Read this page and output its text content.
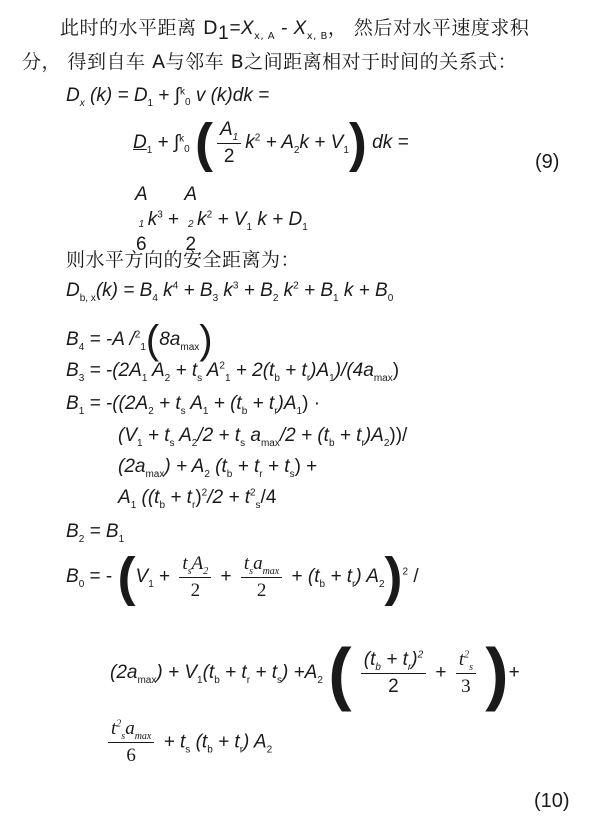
此时的水平距离 $D_1=X_{x, A} - X_{x, B}$， 然后对水平速度求积
分， 得到自车 A与邻车 B之间距离相对于时间的关系式：
$D_x$ $(k) = D_1 + \int^k_0$ v (k)dk =
$D_1 + \int^k_0$ ( $\frac{A_1}{2} k^2 + A_2k + V_1$) dk =
(9)
A
$_1$
6
$k^3$ +
A
$_2$
2
$k^2 + V_1$ $k + D_1$
则水平方向的安全距离为：
$D_{b, x}(k) = B_4$ $k^4 + B_3$ $k^3 + B_2$ $k^2 + B_1$ $k + B_0$
$B_4 = -A$ $/^2_1(8a_{max})$
$B_3 = -(2A_1$ $A_2 + t_s$ $A^2_1 + 2(t_b + t_r)A_1)/(4a_{max})$
$B_1 = -((2A_2 + t_s$ $A_1 + (t_b + t_r)A_1$) ·
($V_1 + t_s$ $A_2/2 + t_s$ $a_{max}/2 + (t_b + t_r)A_2))/$
$(2a_{max}) + A_2$ $(t_b + t_r + t_s)$ +
$A_1$ ($(t_b + t_r)^2/2 + t^2_s/4$
$B_2 = B_1$
$B_0$ = - ($V_1 + \frac{t_sA_2}{2} + \frac{t_sa_{max}}{2} + (t_b + t_r)$ $A_2)^2$ /
$(2a_{max}) + V_1(t_b + t_r + t_s) +A_2$ ( $\frac{(t_b + t_r)^2}{2} + \frac{t^2_s}{3}$ )+
$\frac{t^2_sa_{max}}{6} + t_s$ $(t_b + t_r)$ $A_2$
(10)
